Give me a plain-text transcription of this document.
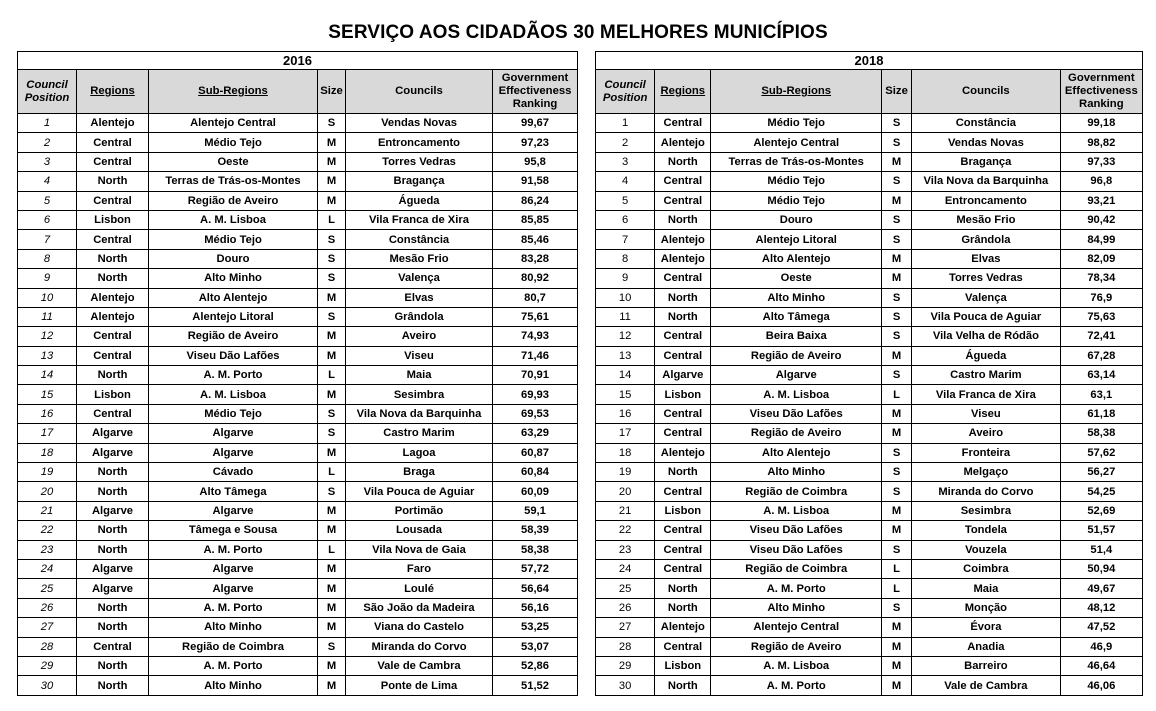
SERVIÇO AOS CIDADÃOS 30 MELHORES MUNICÍPIOS
2016					
Council Position	Regions	Sub-Regions	Size	Councils	Government Effectiveness Ranking
1	Alentejo	Alentejo Central	S	Vendas Novas	99,67
2	Central	Médio Tejo	M	Entroncamento	97,23
3	Central	Oeste	M	Torres Vedras	95,8
4	North	Terras de Trás-os-Montes	M	Bragança	91,58
5	Central	Região de Aveiro	M	Águeda	86,24
6	Lisbon	A. M. Lisboa	L	Vila Franca de Xira	85,85
7	Central	Médio Tejo	S	Constância	85,46
8	North	Douro	S	Mesão Frio	83,28
9	North	Alto Minho	S	Valença	80,92
10	Alentejo	Alto Alentejo	M	Elvas	80,7
11	Alentejo	Alentejo Litoral	S	Grândola	75,61
12	Central	Região de Aveiro	M	Aveiro	74,93
13	Central	Viseu Dão Lafões	M	Viseu	71,46
14	North	A. M. Porto	L	Maia	70,91
15	Lisbon	A. M. Lisboa	M	Sesimbra	69,93
16	Central	Médio Tejo	S	Vila Nova da Barquinha	69,53
17	Algarve	Algarve	S	Castro Marim	63,29
18	Algarve	Algarve	M	Lagoa	60,87
19	North	Cávado	L	Braga	60,84
20	North	Alto Tâmega	S	Vila Pouca de Aguiar	60,09
21	Algarve	Algarve	M	Portimão	59,1
22	North	Tâmega e Sousa	M	Lousada	58,39
23	North	A. M. Porto	L	Vila Nova de Gaia	58,38
24	Algarve	Algarve	M	Faro	57,72
25	Algarve	Algarve	M	Loulé	56,64
26	North	A. M. Porto	M	São João da Madeira	56,16
27	North	Alto Minho	M	Viana do Castelo	53,25
28	Central	Região de Coimbra	S	Miranda do Corvo	53,07
29	North	A. M. Porto	M	Vale de Cambra	52,86
30	North	Alto Minho	M	Ponte de Lima	51,52
2018					
Council Position	Regions	Sub-Regions	Size	Councils	Government Effectiveness Ranking
1	Central	Médio Tejo	S	Constância	99,18
2	Alentejo	Alentejo Central	S	Vendas Novas	98,82
3	North	Terras de Trás-os-Montes	M	Bragança	97,33
4	Central	Médio Tejo	S	Vila Nova da Barquinha	96,8
5	Central	Médio Tejo	M	Entroncamento	93,21
6	North	Douro	S	Mesão Frio	90,42
7	Alentejo	Alentejo Litoral	S	Grândola	84,99
8	Alentejo	Alto Alentejo	M	Elvas	82,09
9	Central	Oeste	M	Torres Vedras	78,34
10	North	Alto Minho	S	Valença	76,9
11	North	Alto Tâmega	S	Vila Pouca de Aguiar	75,63
12	Central	Beira Baixa	S	Vila Velha de Ródão	72,41
13	Central	Região de Aveiro	M	Águeda	67,28
14	Algarve	Algarve	S	Castro Marim	63,14
15	Lisbon	A. M. Lisboa	L	Vila Franca de Xira	63,1
16	Central	Viseu Dão Lafões	M	Viseu	61,18
17	Central	Região de Aveiro	M	Aveiro	58,38
18	Alentejo	Alto Alentejo	S	Fronteira	57,62
19	North	Alto Minho	S	Melgaço	56,27
20	Central	Região de Coimbra	S	Miranda do Corvo	54,25
21	Lisbon	A. M. Lisboa	M	Sesimbra	52,69
22	Central	Viseu Dão Lafões	M	Tondela	51,57
23	Central	Viseu Dão Lafões	S	Vouzela	51,4
24	Central	Região de Coimbra	L	Coimbra	50,94
25	North	A. M. Porto	L	Maia	49,67
26	North	Alto Minho	S	Monção	48,12
27	Alentejo	Alentejo Central	M	Évora	47,52
28	Central	Região de Aveiro	M	Anadia	46,9
29	Lisbon	A. M. Lisboa	M	Barreiro	46,64
30	North	A. M. Porto	M	Vale de Cambra	46,06
